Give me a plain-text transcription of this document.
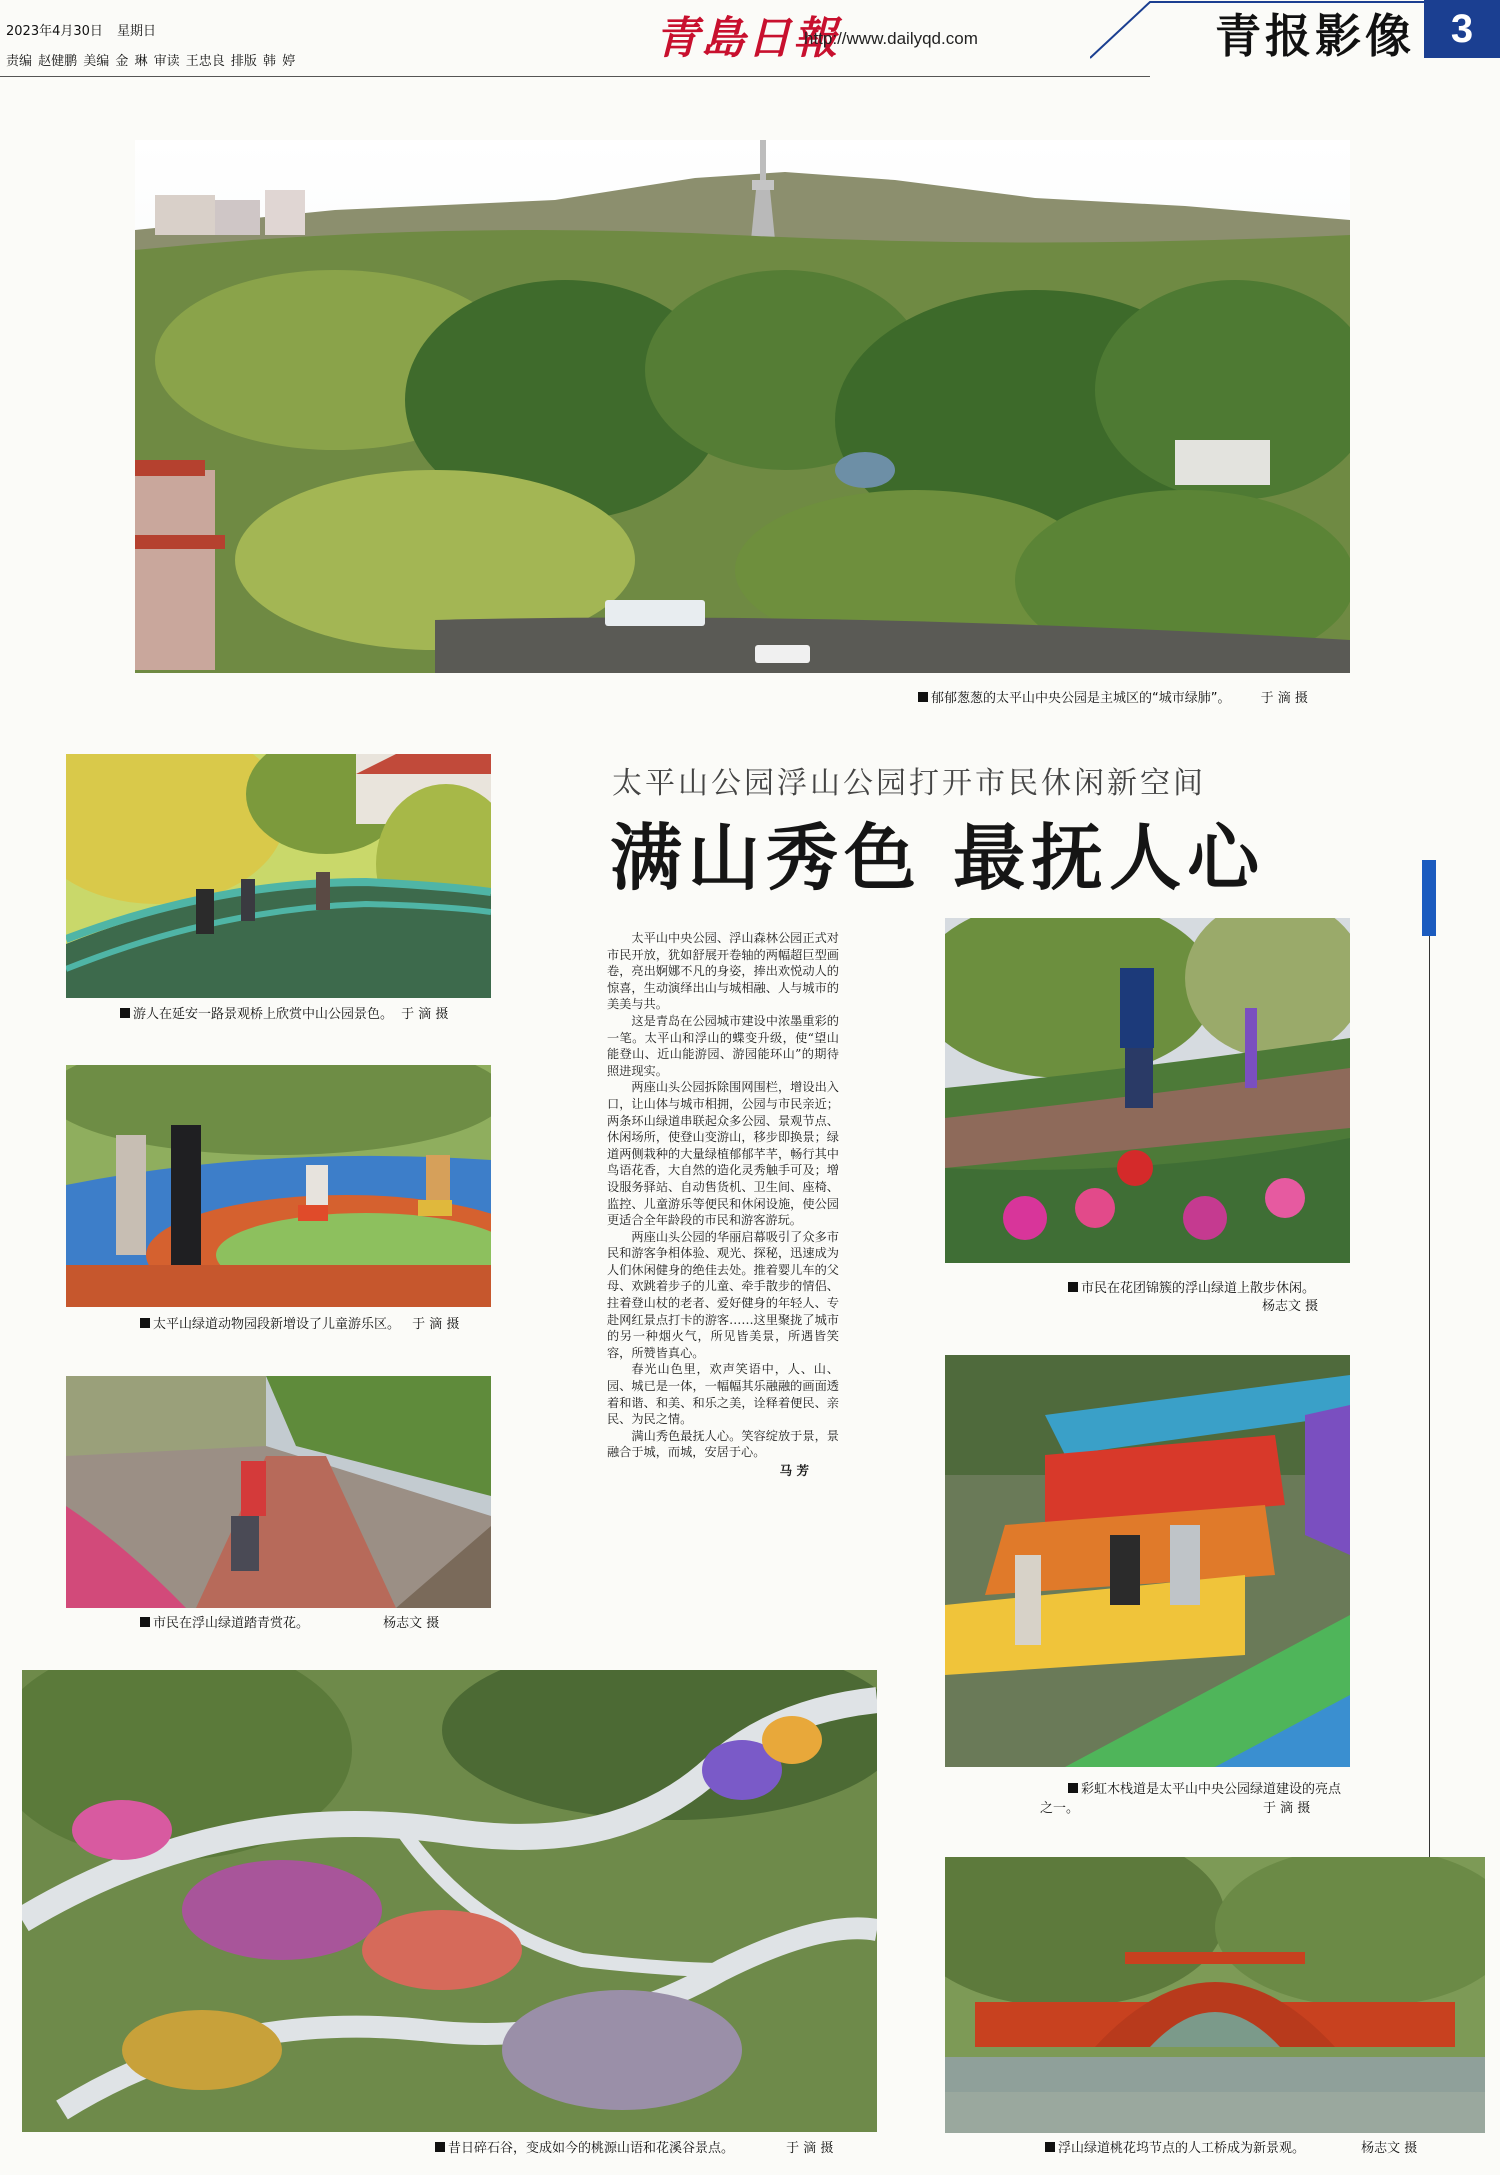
2023年4月30日 星期日
责编 赵健鹏 美编 金 琳 审读 王忠良 排版 韩 婷	青島日報
http://www.dailyqd.com	青报影像 3
郁郁葱葱的太平山中央公园是主城区的“城市绿肺”。 于 滴 摄
游人在延安一路景观桥上欣赏中山公园景色。 于 滴 摄
太平山绿道动物园段新增设了儿童游乐区。 于 滴 摄
市民在浮山绿道踏青赏花。	杨志文 摄
太平山公园浮山公园打开市民休闲新空间
满山秀色 最抚人心

太平山中央公园、浮山森林公园正式对市民开放，犹如舒展开卷轴的两幅超巨型画卷，亮出婀娜不凡的身姿，捧出欢悦动人的惊喜，生动演绎出山与城相融、人与城市的美美与共。

这是青岛在公园城市建设中浓墨重彩的一笔。太平山和浮山的蝶变升级，使“望山能登山、近山能游园、游园能环山”的期待照进现实。

两座山头公园拆除围网围栏，增设出入口，让山体与城市相拥，公园与市民亲近；两条环山绿道串联起众多公园、景观节点、休闲场所，使登山变游山，移步即换景；绿道两侧栽种的大量绿植郁郁芊芊，畅行其中鸟语花香，大自然的造化灵秀触手可及；增设服务驿站、自动售货机、卫生间、座椅、监控、儿童游乐等便民和休闲设施，使公园更适合全年龄段的市民和游客游玩。

两座山头公园的华丽启幕吸引了众多市民和游客争相体验、观光、探秘，迅速成为人们休闲健身的绝佳去处。推着婴儿车的父母、欢跳着步子的儿童、牵手散步的情侣、拄着登山杖的老者、爱好健身的年轻人、专赴网红景点打卡的游客……这里聚拢了城市的另一种烟火气，所见皆美景，所遇皆笑容，所赞皆真心。

春光山色里，欢声笑语中，人、山、园、城已是一体，一幅幅其乐融融的画面透着和谐、和美、和乐之美，诠释着便民、亲民、为民之情。

满山秀色最抚人心。笑容绽放于景，景融合于城，而城，安居于心。

马 芳
市民在花团锦簇的浮山绿道上散步休闲。
杨志文 摄
彩虹木栈道是太平山中央公园绿道建设的亮点
之一。	于 滴 摄
昔日碎石谷，变成如今的桃源山语和花溪谷景点。	于 滴 摄	浮山绿道桃花坞节点的人工桥成为新景观。	杨志文 摄
